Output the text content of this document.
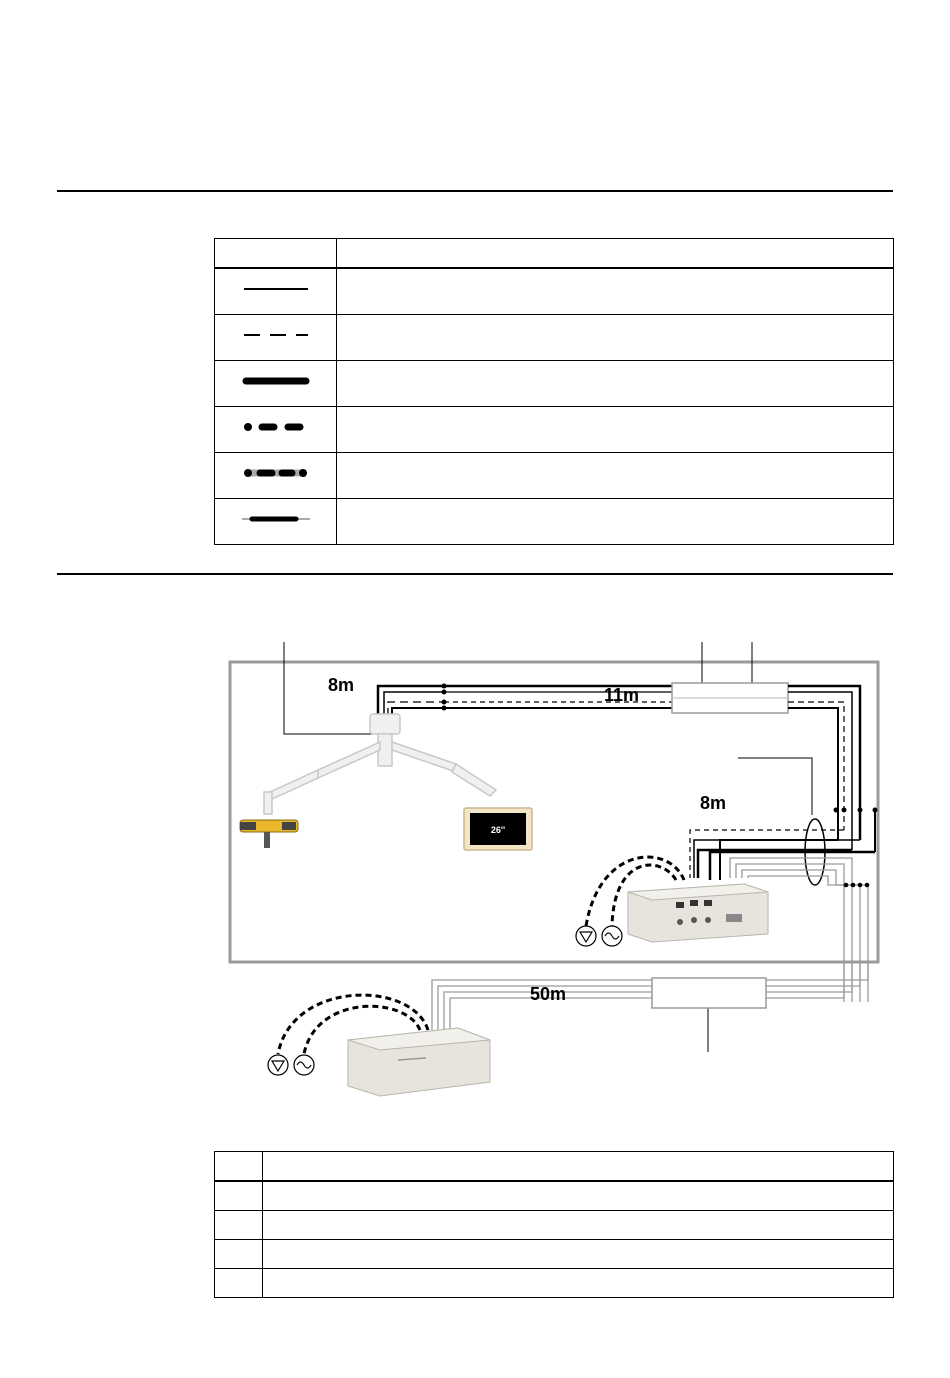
26''
8m	11m
8m
50m
